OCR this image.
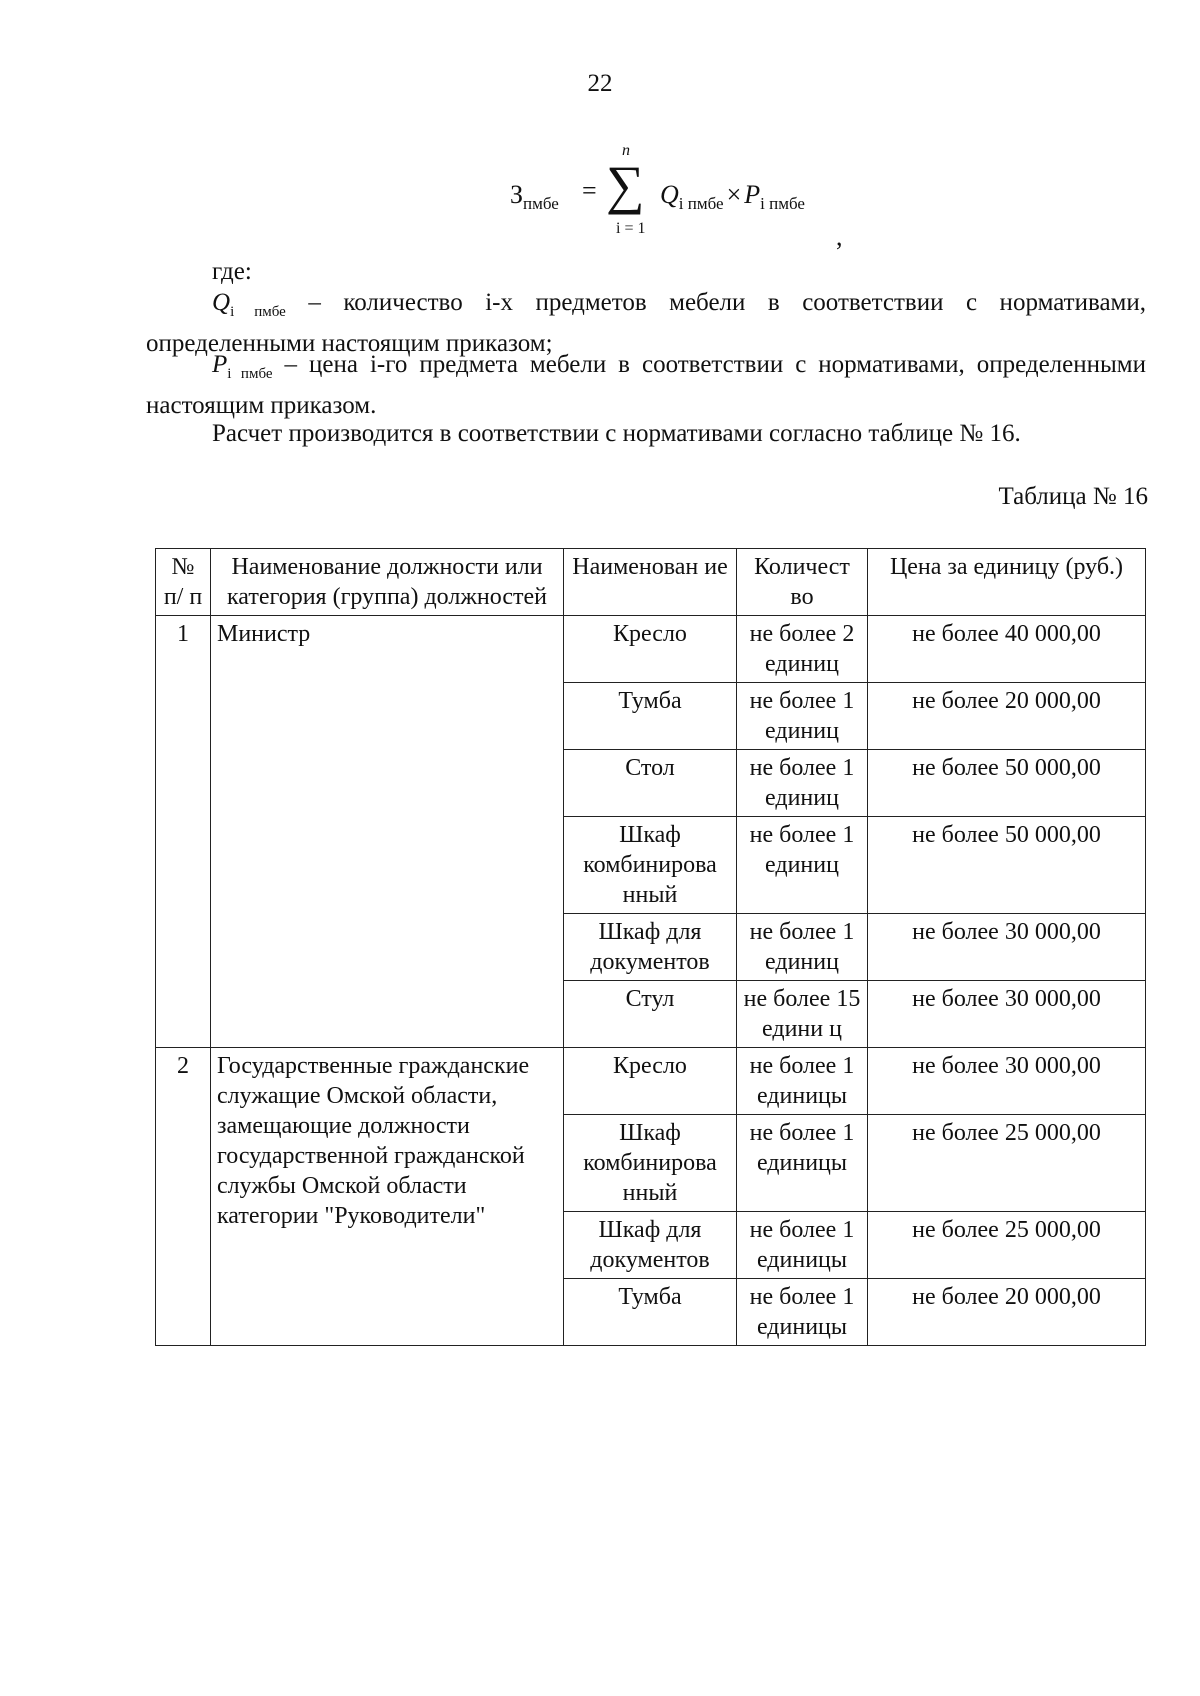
22
$З_{пмбе}$ =
n
∑
i = 1
$Q_{i пмбе} \times P_{i пмбе}$
,
где:
$Q_{i пмбе}$ – количество i-х предметов мебели в соответствии с нормативами, определенными настоящим приказом;
$P_{i пмбе}$ – цена i-го предмета мебели в соответствии с нормативами, определенными настоящим приказом.
Расчет производится в соответствии с нормативами согласно таблице № 16.
Таблица № 16
№ п/ п	Наименование должности или категория (группа) должностей	Наименован ие	Количест во	Цена за единицу (руб.)
1	Министр	Кресло	не более 2 единиц	не более 40 000,00
		Тумба	не более 1 единиц	не более 20 000,00
		Стол	не более 1 единиц	не более 50 000,00
		Шкаф комбинирова нный	не более 1 единиц	не более 50 000,00
		Шкаф для документов	не более 1 единиц	не более 30 000,00
		Стул	не более 15 едини ц	не более 30 000,00
2	Государственные гражданские служащие Омской области, замещающие должности государственной гражданской службы Омской области категории "Руководители"	Кресло	не более 1 единицы	не более 30 000,00
		Шкаф комбинирова нный	не более 1 единицы	не более 25 000,00
		Шкаф для документов	не более 1 единицы	не более 25 000,00
		Тумба	не более 1 единицы	не более 20 000,00
